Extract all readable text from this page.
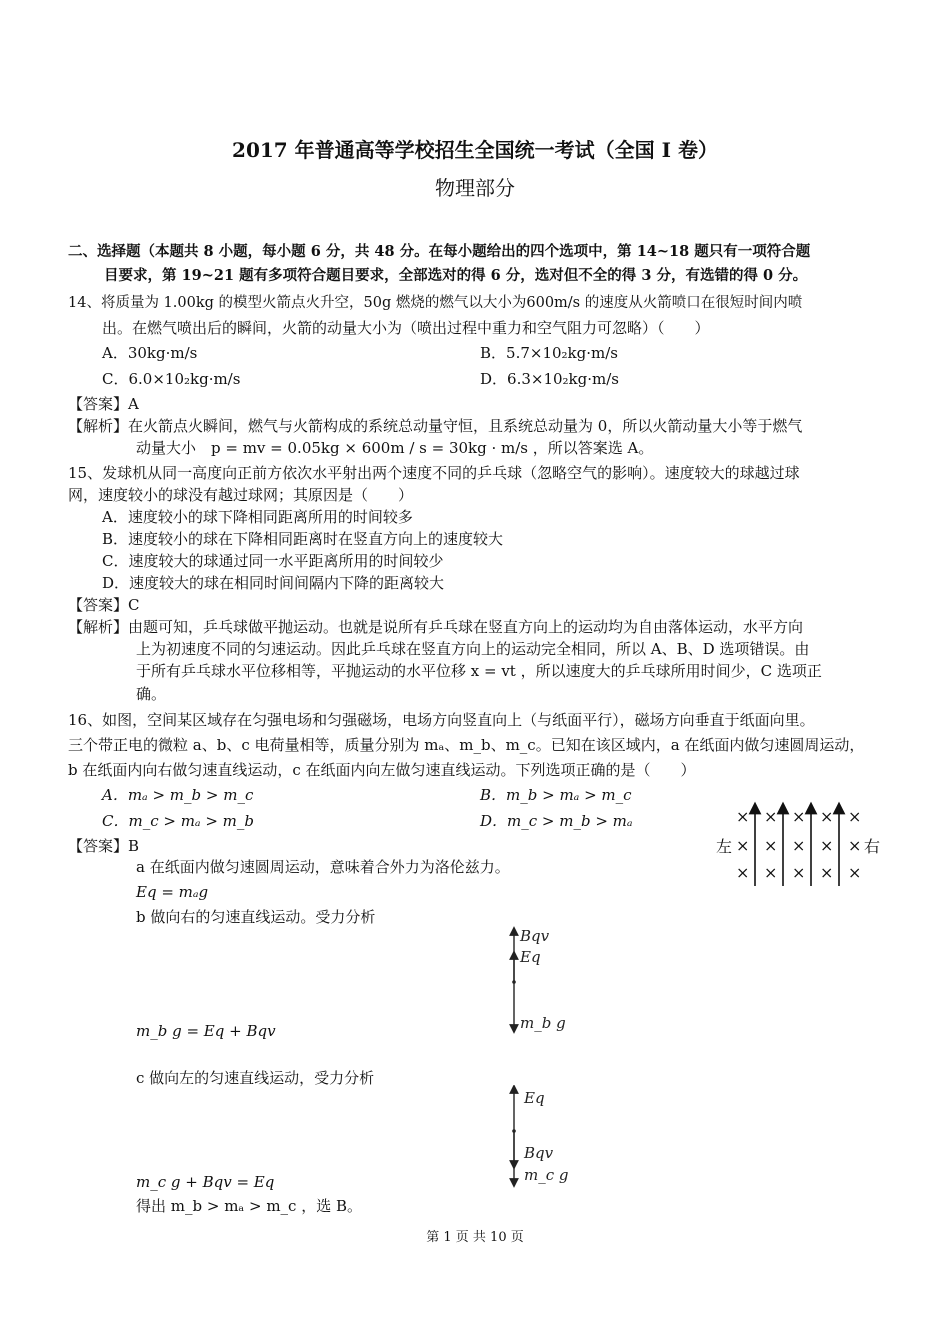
2017 年普通高等学校招生全国统一考试（全国 I 卷）
物理部分
二、选择题（本题共 8 小题，每小题 6 分，共 48 分。在每小题给出的四个选项中，第 14~18 题只有一项符合题
目要求，第 19~21 题有多项符合题目要求，全部选对的得 6 分，选对但不全的得 3 分，有选错的得 0 分。
14、将质量为 1.00kg 的模型火箭点火升空，50g 燃烧的燃气以大小为600m/s 的速度从火箭喷口在很短时间内喷
出。在燃气喷出后的瞬间，火箭的动量大小为（喷出过程中重力和空气阻力可忽略）（　　）
A．30kg·m/s	B．5.7×10₂kg·m/s
C．6.0×10₂kg·m/s	D．6.3×10₂kg·m/s
【答案】A
【解析】在火箭点火瞬间，燃气与火箭构成的系统总动量守恒，且系统总动量为 0，所以火箭动量大小等于燃气
动量大小　p = mv = 0.05kg × 600m / s = 30kg · m/s ，所以答案选 A。
15、发球机从同一高度向正前方依次水平射出两个速度不同的乒乓球（忽略空气的影响）。速度较大的球越过球
网，速度较小的球没有越过球网；其原因是（　　）
A．速度较小的球下降相同距离所用的时间较多
B．速度较小的球在下降相同距离时在竖直方向上的速度较大
C．速度较大的球通过同一水平距离所用的时间较少
D．速度较大的球在相同时间间隔内下降的距离较大
【答案】C
【解析】由题可知，乒乓球做平抛运动。也就是说所有乒乓球在竖直方向上的运动均为自由落体运动，水平方向
上为初速度不同的匀速运动。因此乒乓球在竖直方向上的运动完全相同，所以 A、B、D 选项错误。由
于所有乒乓球水平位移相等，平抛运动的水平位移 x = vt ，所以速度大的乒乓球所用时间少，C 选项正
确。
16、如图，空间某区域存在匀强电场和匀强磁场，电场方向竖直向上（与纸面平行），磁场方向垂直于纸面向里。
三个带正电的微粒 a、b、c 电荷量相等，质量分别为 mₐ、m_b、m_c。已知在该区域内，a 在纸面内做匀速圆周运动，
b 在纸面内向右做匀速直线运动，c 在纸面内向左做匀速直线运动。下列选项正确的是（　　）
A．mₐ > m_b > m_c	B．m_b > mₐ > m_c
C．m_c > mₐ > m_b	D．m_c > m_b > mₐ
【答案】B
a 在纸面内做匀速圆周运动，意味着合外力为洛伦兹力。
Eq = mₐg
b 做向右的匀速直线运动。受力分析
m_b g = Eq + Bqv
c 做向左的匀速直线运动，受力分析
m_c g + Bqv = Eq
得出 m_b > mₐ > m_c ，选 B。
× × × × ×
× × × × ×
× × × × ×
左	右
Bqv
Eq
m_b g
Eq
Bqv
m_c g
第 1 页 共 10 页
